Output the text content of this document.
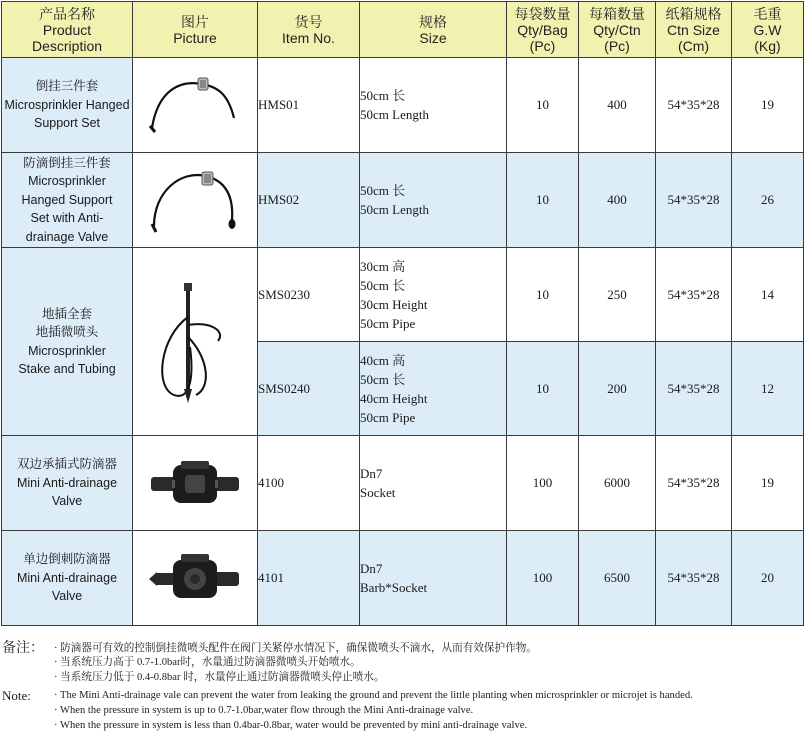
产品名称
Product
Description	图片
Picture	货号
Item No.	规格
Size	每袋数量
Qty/Bag
(Pc)	每箱数量
Qty/Ctn
(Pc)	纸箱规格
Ctn Size
(Cm)	毛重
G.W
(Kg)

倒挂三件套
Microsprinkler Hanged
Support Set		HMS01	50cm 长
50cm Length	10	400	54*35*28	19

防滴倒挂三件套
Microsprinkler
Hanged Support
Set with Anti-
drainage Valve		HMS02	50cm 长
50cm Length	10	400	54*35*28	26

地插全套
地插微喷头
Microsprinkler
Stake and Tubing		SMS0230	30cm 高
50cm 长
30cm Height
50cm Pipe	10	250	54*35*28	14
		SMS0240	40cm 高
50cm 长
40cm Height
50cm Pipe	10	200	54*35*28	12

双边承插式防滴器
Mini Anti-drainage
Valve		4100	Dn7
Socket	100	6000	54*35*28	19

单边倒刺防滴器
Mini Anti-drainage
Valve		4101	Dn7
Barb*Socket	100	6500	54*35*28	20
备注： · 防滴器可有效的控制倒挂微喷头配件在阀门关紧停水情况下，确保微喷头不滴水，从而有效保护作物。
· 当系统压力高于 0.7-1.0bar时，水量通过防滴器微喷头开始喷水。
· 当系统压力低于 0.4-0.8bar 时，水量停止通过防滴器微喷头停止喷水。
Note: · The Mini Anti-drainage vale can prevent the water from leaking the ground and prevent the little planting when microsprinkler or microjet is handed.
· When the pressure in system is up to 0.7-1.0bar,water flow through the Mini Anti-drainage valve.
· When the pressure in system is less than 0.4bar-0.8bar, water would be prevented by mini anti-drainage valve.
